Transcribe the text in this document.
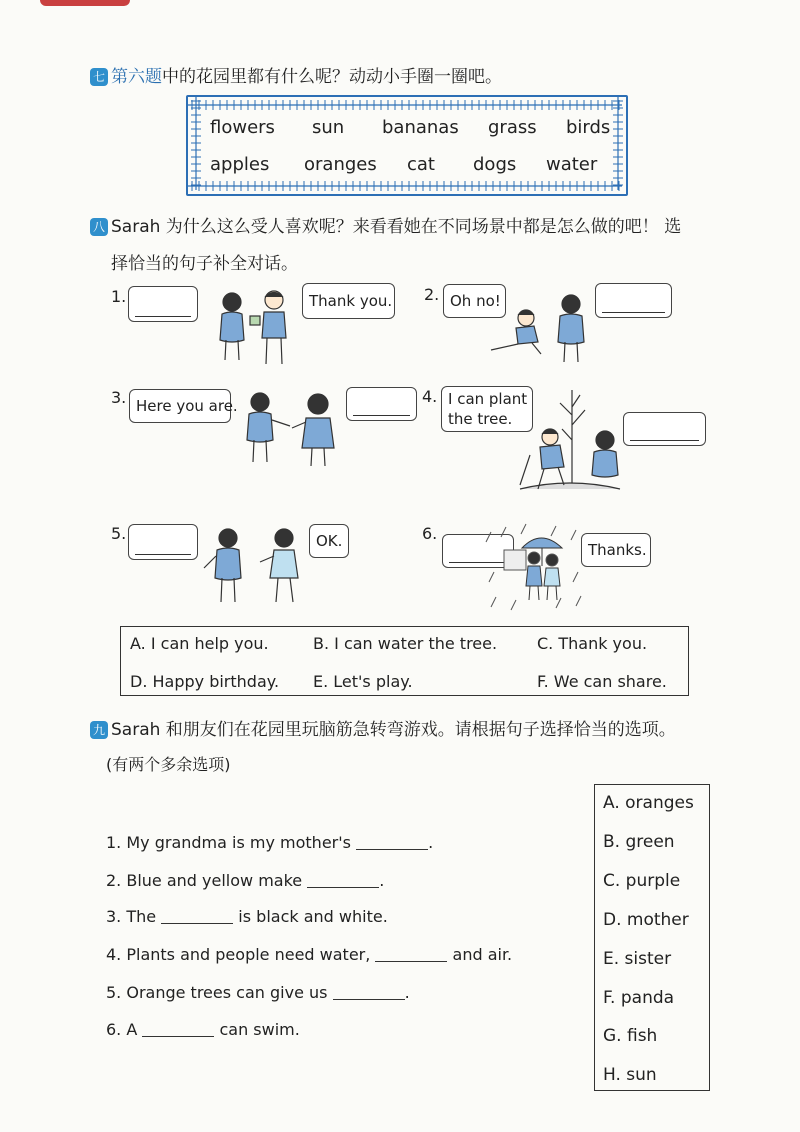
七 第六题中的花园里都有什么呢？动动小手圈一圈吧。
flowers sun bananas grass birds
apples oranges cat dogs water
八 Sarah 为什么这么受人喜欢呢？来看看她在不同场景中都是怎么做的吧！ 选
择恰当的句子补全对话。
1.	Thank you. 2. Oh no!
3. Here you are.	4. I can plant
the tree.
5.	OK.	6.
Thanks.
A. I can help you.	B. I can water the tree. C. Thank you.
D. Happy birthday. E. Let's play.	F. We can share.
九 Sarah 和朋友们在花园里玩脑筋急转弯游戏。请根据句子选择恰当的选项。
(有两个多余选项)
1. My grandma is my mother's	.
2. Blue and yellow make	.
3. The	is black and white.
4. Plants and people need water,	and air.
5. Orange trees can give us	.
6. A	can swim.
A. oranges
B. green
C. purple
D. mother
E. sister
F. panda
G. fish
H. sun
